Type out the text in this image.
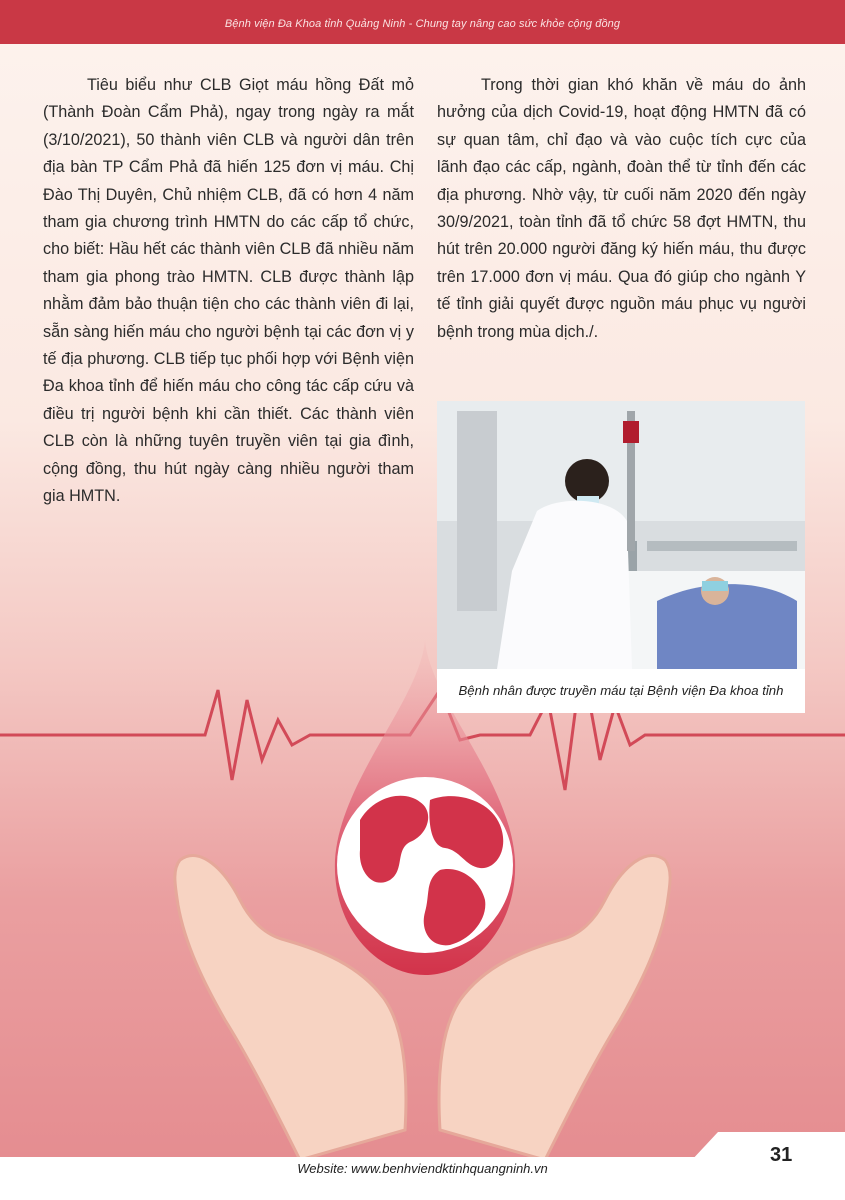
Bệnh viện Đa Khoa tỉnh Quảng Ninh - Chung tay nâng cao sức khỏe cộng đồng

Tiêu biểu như CLB Giọt máu hồng Đất mỏ (Thành Đoàn Cẩm Phả), ngay trong ngày ra mắt (3/10/2021), 50 thành viên CLB và người dân trên địa bàn TP Cẩm Phả đã hiến 125 đơn vị máu. Chị Đào Thị Duyên, Chủ nhiệm CLB, đã có hơn 4 năm tham gia chương trình HMTN do các cấp tổ chức, cho biết: Hầu hết các thành viên CLB đã nhiều năm tham gia phong trào HMTN. CLB được thành lập nhằm đảm bảo thuận tiện cho các thành viên đi lại, sẵn sàng hiến máu cho người bệnh tại các đơn vị y tế địa phương. CLB tiếp tục phối hợp với Bệnh viện Đa khoa tỉnh để hiến máu cho công tác cấp cứu và điều trị người bệnh khi cần thiết. Các thành viên CLB còn là những tuyên truyền viên tại gia đình, cộng đồng, thu hút ngày càng nhiều người tham gia HMTN.

Trong thời gian khó khăn về máu do ảnh hưởng của dịch Covid-19, hoạt động HMTN đã có sự quan tâm, chỉ đạo và vào cuộc tích cực của lãnh đạo các cấp, ngành, đoàn thể từ tỉnh đến các địa phương. Nhờ vậy, từ cuối năm 2020 đến ngày 30/9/2021, toàn tỉnh đã tổ chức 58 đợt HMTN, thu hút trên 20.000 người đăng ký hiến máu, thu được trên 17.000 đơn vị máu. Qua đó giúp cho ngành Y tế tỉnh giải quyết được nguồn máu phục vụ người bệnh trong mùa dịch./.

Bệnh nhân được truyền máu tại Bệnh viện Đa khoa tỉnh
31
Website: www.benhviendktinhquangninh.vn
